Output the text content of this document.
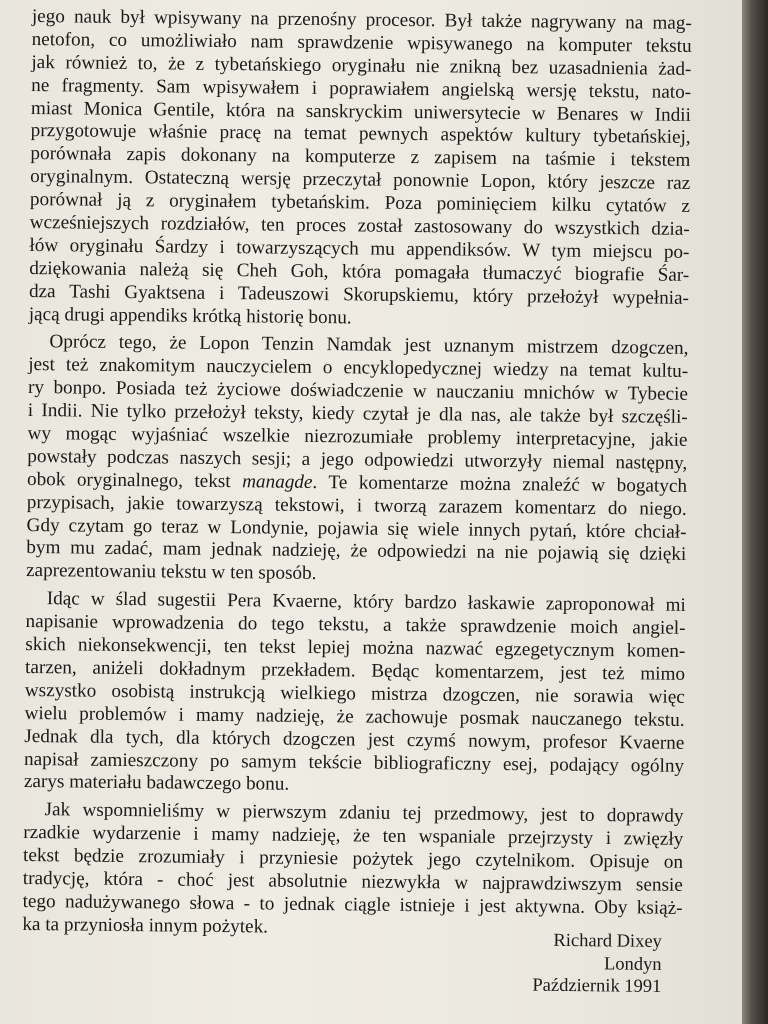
jego nauk był wpisywany na przenośny procesor. Był także nagrywany na mag-
netofon, co umożliwiało nam sprawdzenie wpisywanego na komputer tekstu
jak również to, że z tybetańskiego oryginału nie znikną bez uzasadnienia żad-
ne fragmenty. Sam wpisywałem i poprawiałem angielską wersję tekstu, nato-
miast Monica Gentile, która na sanskryckim uniwersytecie w Benares w Indii
przygotowuje właśnie pracę na temat pewnych aspektów kultury tybetańskiej,
porównała zapis dokonany na komputerze z zapisem na taśmie i tekstem
oryginalnym. Ostateczną wersję przeczytał ponownie Lopon, który jeszcze raz
porównał ją z oryginałem tybetańskim. Poza pominięciem kilku cytatów z
wcześniejszych rozdziałów, ten proces został zastosowany do wszystkich dzia-
łów oryginału Śardzy i towarzyszących mu appendiksów. W tym miejscu po-
dziękowania należą się Cheh Goh, która pomagała tłumaczyć biografie Śar-
dza Tashi Gyaktsena i Tadeuszowi Skorupskiemu, który przełożył wypełnia-
jącą drugi appendiks krótką historię bonu.
Oprócz tego, że Lopon Tenzin Namdak jest uznanym mistrzem dzogczen,
jest też znakomitym nauczycielem o encyklopedycznej wiedzy na temat kultu-
ry bonpo. Posiada też życiowe doświadczenie w nauczaniu mnichów w Tybecie
i Indii. Nie tylko przełożył teksty, kiedy czytał je dla nas, ale także był szczęśli-
wy mogąc wyjaśniać wszelkie niezrozumiałe problemy interpretacyjne, jakie
powstały podczas naszych sesji; a jego odpowiedzi utworzyły niemal następny,
obok oryginalnego, tekst managde. Te komentarze można znaleźć w bogatych
przypisach, jakie towarzyszą tekstowi, i tworzą zarazem komentarz do niego.
Gdy czytam go teraz w Londynie, pojawia się wiele innych pytań, które chciał-
bym mu zadać, mam jednak nadzieję, że odpowiedzi na nie pojawią się dzięki
zaprezentowaniu tekstu w ten sposób.
Idąc w ślad sugestii Pera Kvaerne, który bardzo łaskawie zaproponował mi
napisanie wprowadzenia do tego tekstu, a także sprawdzenie moich angiel-
skich niekonsekwencji, ten tekst lepiej można nazwać egzegetycznym komen-
tarzen, aniżeli dokładnym przekładem. Będąc komentarzem, jest też mimo
wszystko osobistą instrukcją wielkiego mistrza dzogczen, nie sorawia więc
wielu problemów i mamy nadzieję, że zachowuje posmak nauczanego tekstu.
Jednak dla tych, dla których dzogczen jest czymś nowym, profesor Kvaerne
napisał zamieszczony po samym tekście bibliograficzny esej, podający ogólny
zarys materiału badawczego bonu.
Jak wspomnieliśmy w pierwszym zdaniu tej przedmowy, jest to doprawdy
rzadkie wydarzenie i mamy nadzieję, że ten wspaniale przejrzysty i zwięzły
tekst będzie zrozumiały i przyniesie pożytek jego czytelnikom. Opisuje on
tradycję, która - choć jest absolutnie niezwykła w najprawdziwszym sensie
tego nadużywanego słowa - to jednak ciągle istnieje i jest aktywna. Oby książ-
ka ta przyniosła innym pożytek.
Richard Dixey
Londyn
Październik 1991
